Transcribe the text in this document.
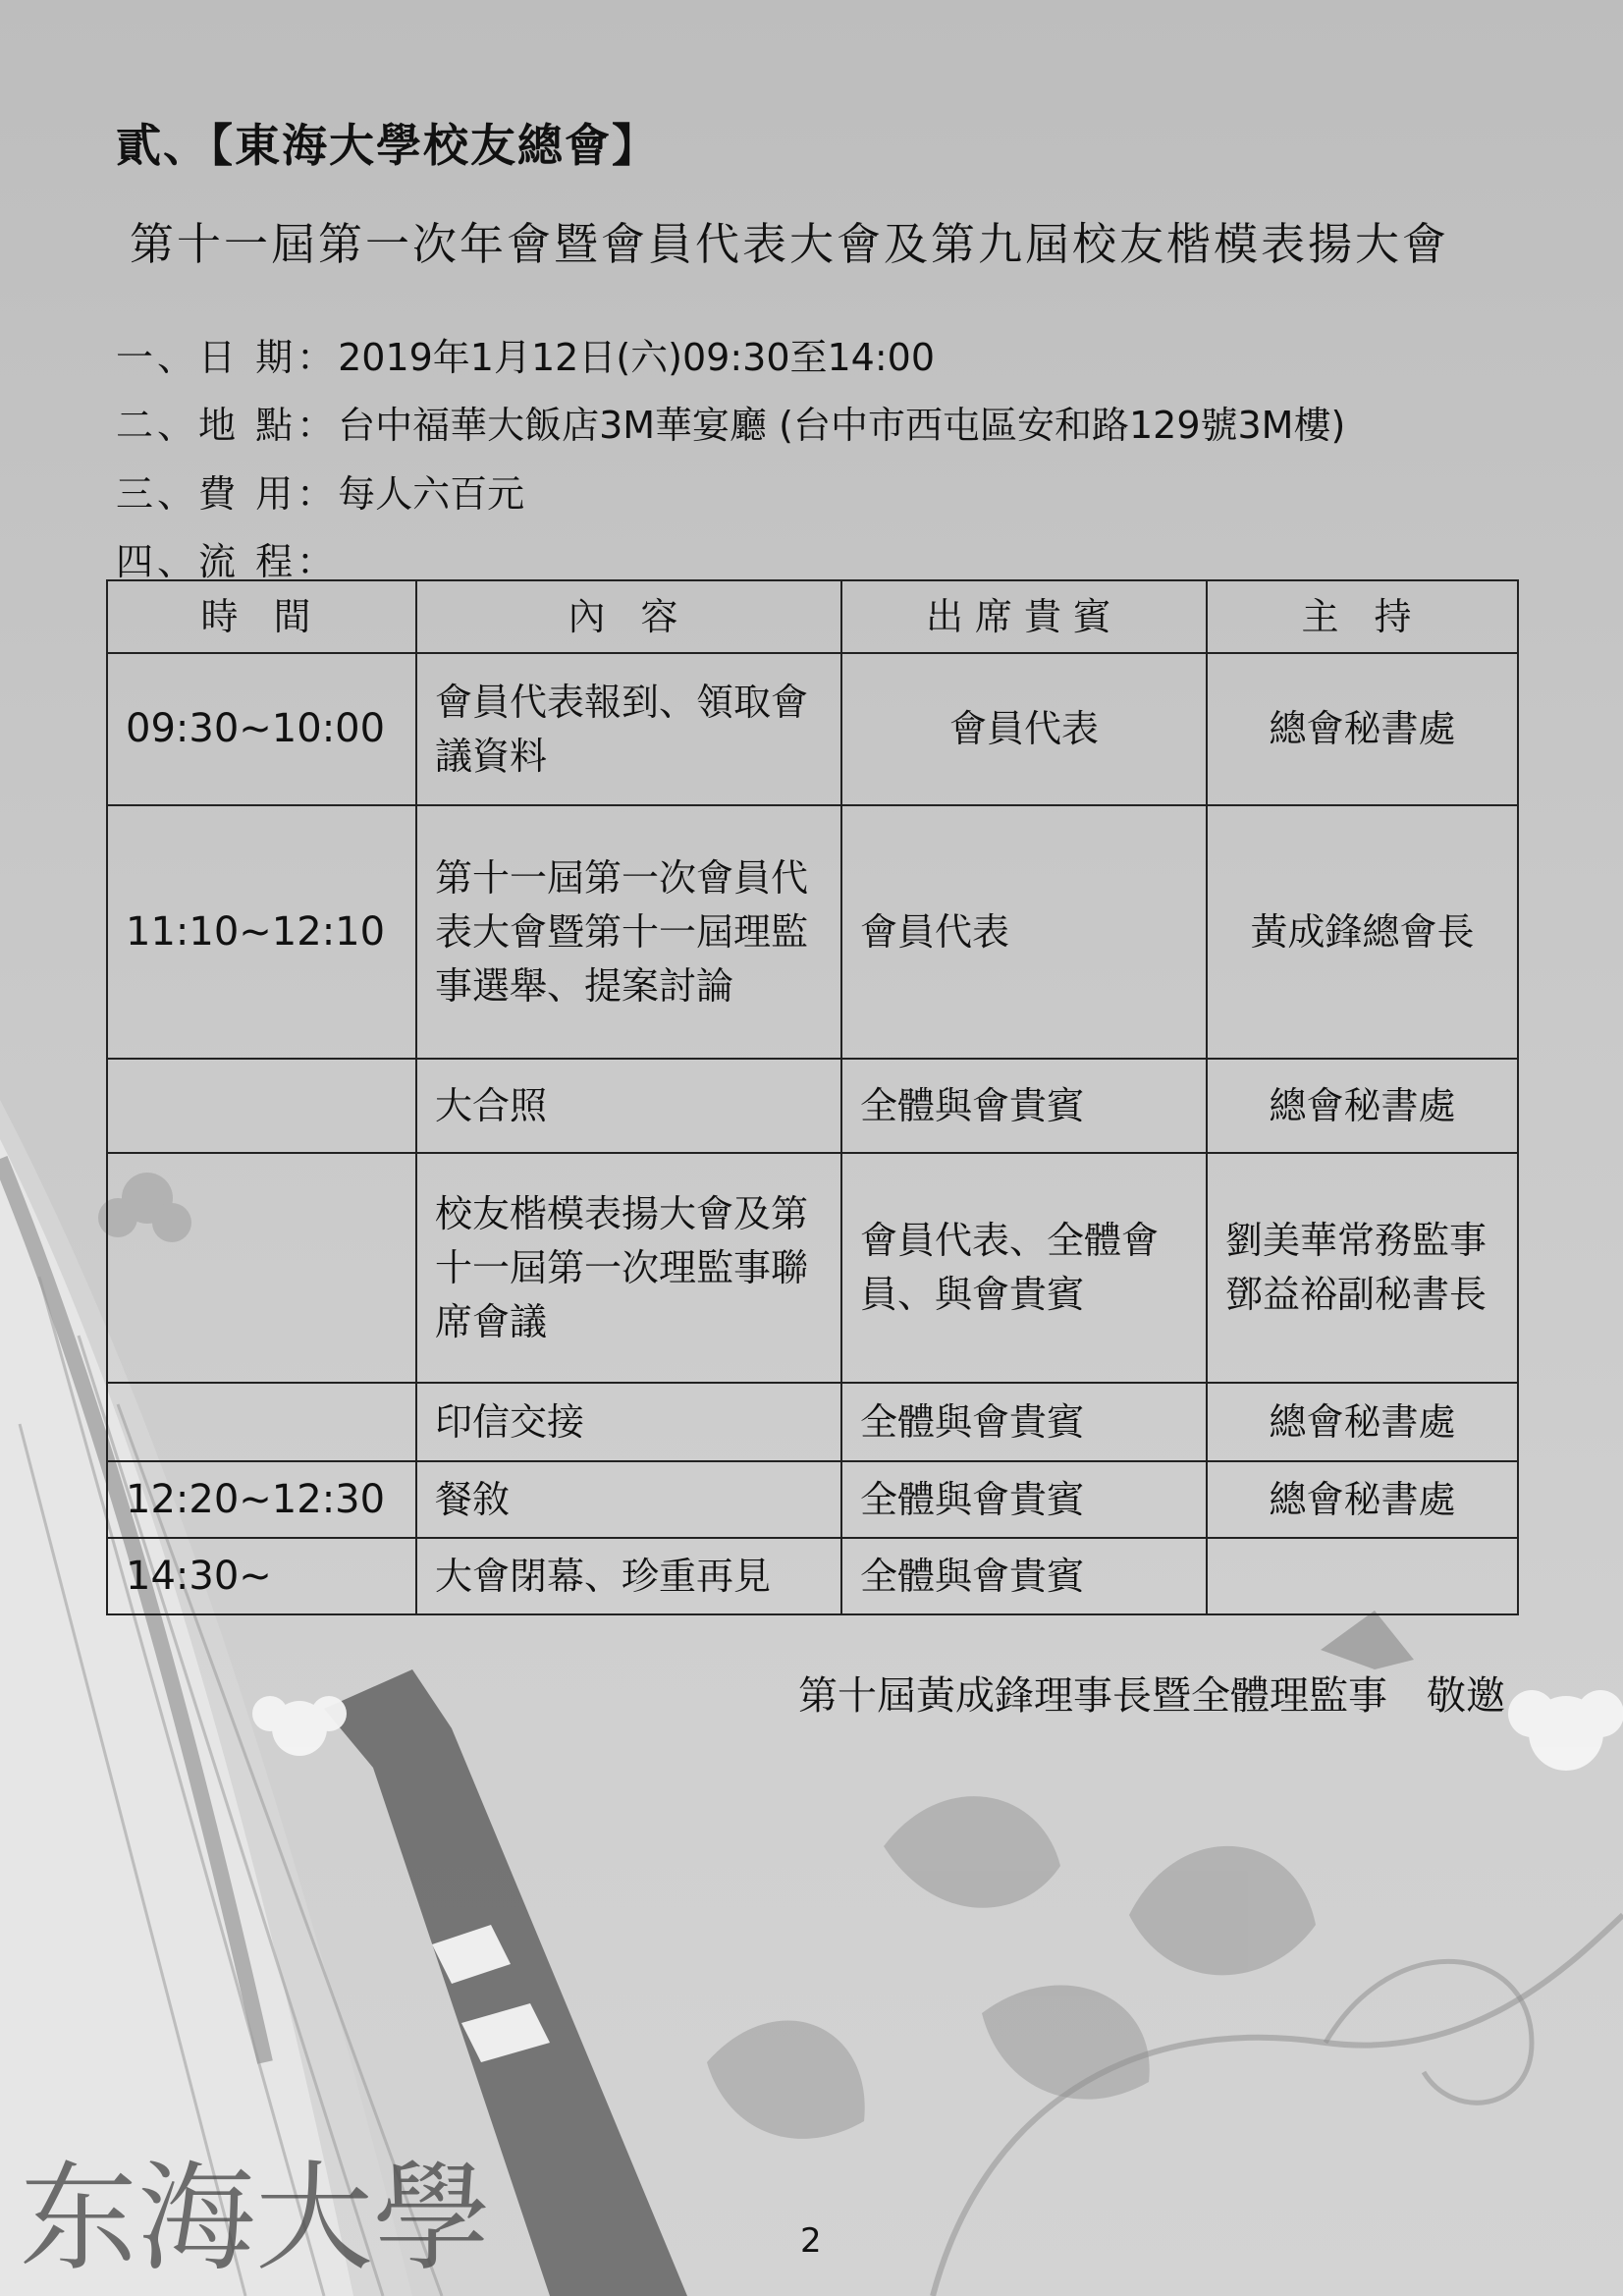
东海大學
貳、【東海大學校友總會】
第十一屆第一次年會暨會員代表大會及第九屆校友楷模表揚大會
一、日 期：2019年1月12日(六)09:30至14:00
二、地 點：台中福華大飯店3M華宴廳 (台中市西屯區安和路129號3M樓)
三、費 用：每人六百元
四、流 程：
時 間	內 容	出席貴賓	主 持
09:30~10:00	會員代表報到、領取會議資料	會員代表	總會秘書處
11:10~12:10	第十一屆第一次會員代表大會暨第十一屆理監事選舉、提案討論	會員代表	黃成鋒總會長
	大合照	全體與會貴賓	總會秘書處
	校友楷模表揚大會及第十一屆第一次理監事聯席會議	會員代表、全體會員、與會貴賓	劉美華常務監事鄧益裕副秘書長
	印信交接	全體與會貴賓	總會秘書處
12:20~12:30	餐敘	全體與會貴賓	總會秘書處
14:30~	大會閉幕、珍重再見	全體與會貴賓	
第十屆黃成鋒理事長暨全體理監事　敬邀
2
